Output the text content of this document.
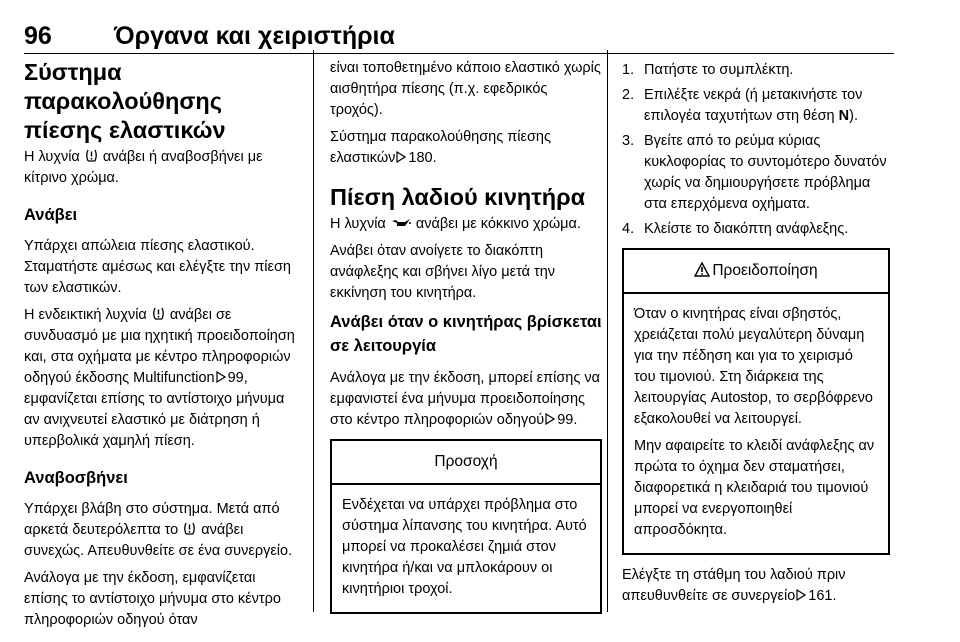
96 Όργανα και χειριστήρια
Σύστημα παρακολούθησης
πίεσης ελαστικών

Η λυχνία ανάβει ή αναβοσβήνει με κίτρινο χρώμα.

Ανάβει

Υπάρχει απώλεια πίεσης ελαστικού. Σταματήστε αμέσως και ελέγξτε την πίεση των ελαστικών.

Η ενδεικτική λυχνία ανάβει σε συνδυασμό με μια ηχητική προειδοποίηση και, στα οχήματα με κέντρο πληροφοριών οδηγού έκδοσης Multifunction 99, εμφανίζεται επίσης το αντίστοιχο μήνυμα αν ανιχνευτεί ελαστικό με διάτρηση ή υπερβολικά χαμηλή πίεση.

Αναβοσβήνει

Υπάρχει βλάβη στο σύστημα. Μετά από αρκετά δευτερόλεπτα το ανάβει συνεχώς. Απευθυνθείτε σε ένα συνεργείο.

Ανάλογα με την έκδοση, εμφανίζεται επίσης το αντίστοιχο μήνυμα στο κέντρο πληροφοριών οδηγού όταν

είναι τοποθετημένο κάποιο ελαστικό χωρίς αισθητήρα πίεσης (π.χ. εφεδρικός τροχός).

Σύστημα παρακολούθησης πίεσης ελαστικών 180.

Πίεση λαδιού κινητήρα

Η λυχνία ανάβει με κόκκινο χρώμα.

Ανάβει όταν ανοίγετε το διακόπτη ανάφλεξης και σβήνει λίγο μετά την εκκίνηση του κινητήρα.

Ανάβει όταν ο κινητήρας βρίσκεται σε λειτουργία

Ανάλογα με την έκδοση, μπορεί επίσης να εμφανιστεί ένα μήνυμα προειδοποίησης στο κέντρο πληροφοριών οδηγού 99.

Προσοχή

Ενδέχεται να υπάρχει πρόβλημα στο σύστημα λίπανσης του κινητήρα. Αυτό μπορεί να προκαλέσει ζημιά στον κινητήρα ή/και να μπλοκάρουν οι κινητήριοι τροχοί.

1. Πατήστε το συμπλέκτη.
2. Επιλέξτε νεκρά (ή μετακινήστε τον επιλογέα ταχυτήτων στη θέση N).
3. Βγείτε από το ρεύμα κύριας κυκλοφορίας το συντομότερο δυνατόν χωρίς να δημιουργήσετε πρόβλημα στα επερχόμενα οχήματα.
4. Κλείστε το διακόπτη ανάφλεξης.
Προειδοποίηση

Όταν ο κινητήρας είναι σβηστός, χρειάζεται πολύ μεγαλύτερη δύναμη για την πέδηση και για το χειρισμό του τιμονιού. Στη διάρκεια της λειτουργίας Autostop, το σερβόφρενο εξακολουθεί να λειτουργεί.

Μην αφαιρείτε το κλειδί ανάφλεξης αν πρώτα το όχημα δεν σταματήσει, διαφορετικά η κλειδαριά του τιμονιού μπορεί να ενεργοποιηθεί απροσδόκητα.

Ελέγξτε τη στάθμη του λαδιού πριν απευθυνθείτε σε συνεργείο 161.
